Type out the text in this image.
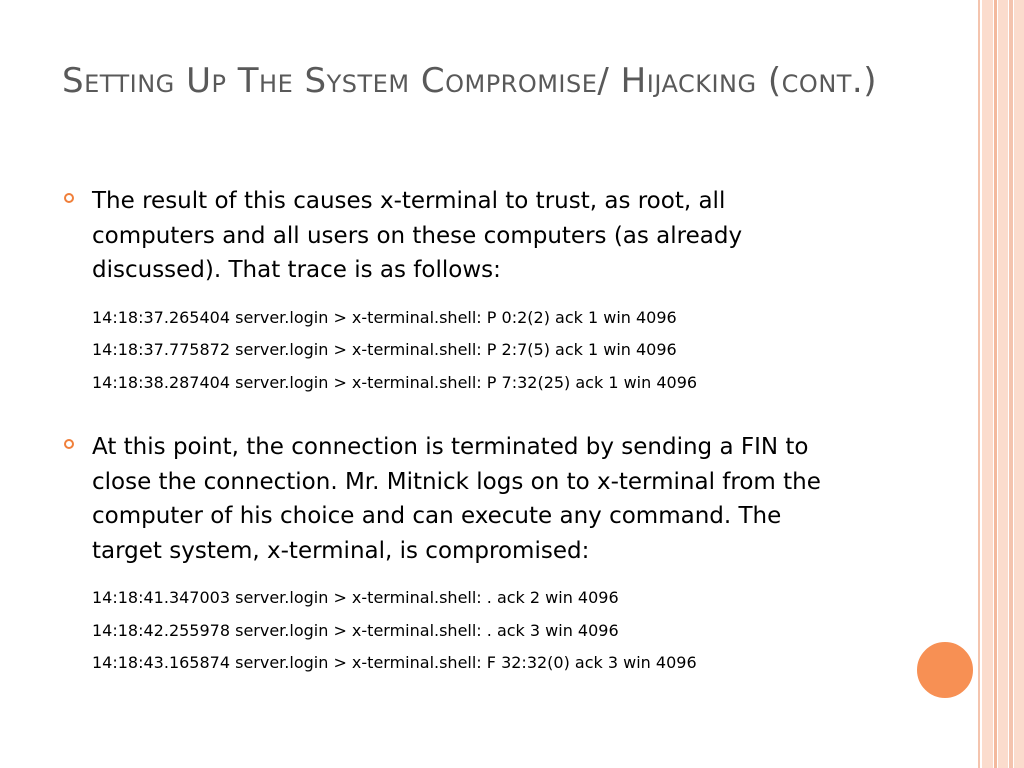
Setting Up The System Compromise/ Hijacking (cont.)
The result of this causes x-terminal to trust, as root, all computers and all users on these computers (as already discussed). That trace is as follows:
14:18:37.265404 server.login > x-terminal.shell: P 0:2(2) ack 1 win 4096
14:18:37.775872 server.login > x-terminal.shell: P 2:7(5) ack 1 win 4096
14:18:38.287404 server.login > x-terminal.shell: P 7:32(25) ack 1 win 4096
At this point, the connection is terminated by sending a FIN to close the connection. Mr. Mitnick logs on to x-terminal from the computer of his choice and can execute any command. The target system, x-terminal, is compromised:
14:18:41.347003 server.login > x-terminal.shell: . ack 2 win 4096
14:18:42.255978 server.login > x-terminal.shell: . ack 3 win 4096
14:18:43.165874 server.login > x-terminal.shell: F 32:32(0) ack 3 win 4096
